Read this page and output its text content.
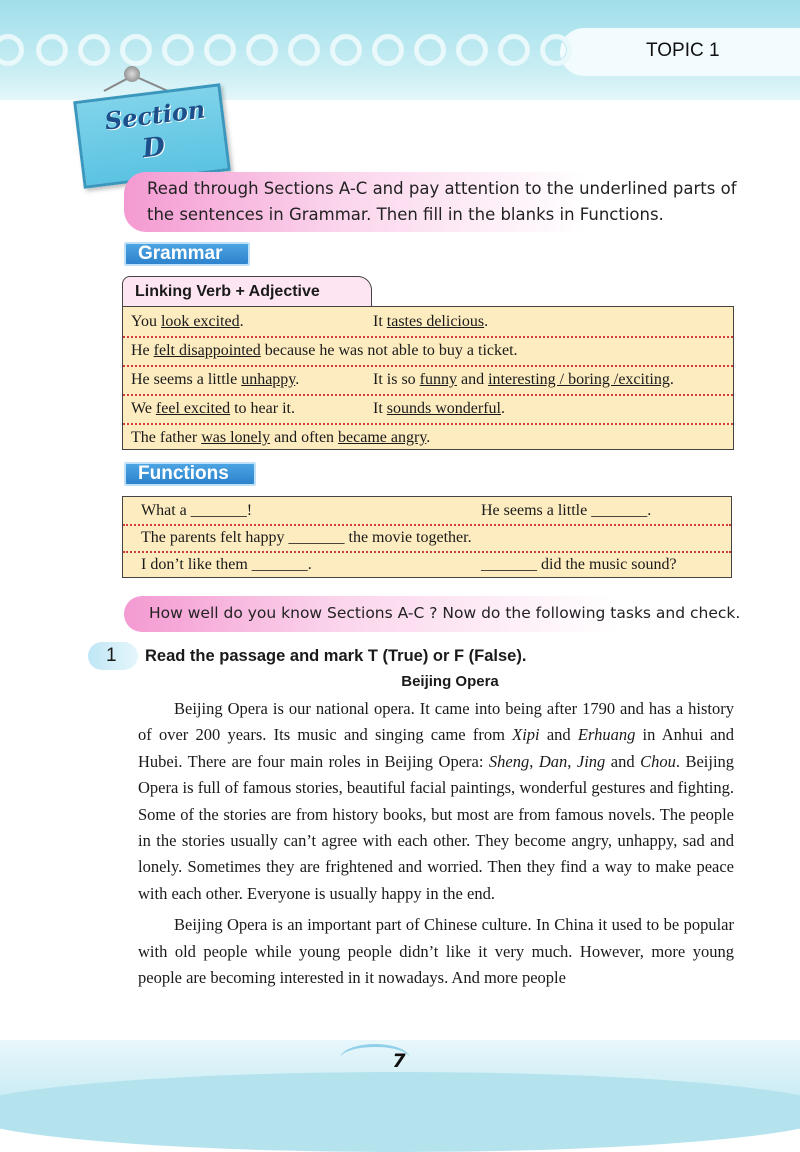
TOPIC 1
Section
D
Read through Sections A-C and pay attention to the underlined parts of the sentences in Grammar. Then fill in the blanks in Functions.
Grammar
Linking Verb + Adjective
You look excited.	It tastes delicious.
He felt disappointed because he was not able to buy a ticket.
He seems a little unhappy.	It is so funny and interesting / boring /exciting.
We feel excited to hear it.	It sounds wonderful.
The father was lonely and often became angry.
Functions
What a _______!	He seems a little _______.
The parents felt happy _______ the movie together.
I don’t like them _______.	_______ did the music sound?
How well do you know Sections A-C ? Now do the following tasks and check.
1	Read the passage and mark T (True) or F (False).
Beijing Opera

Beijing Opera is our national opera. It came into being after 1790 and has a history of over 200 years. Its music and singing came from Xipi and Erhuang in Anhui and Hubei. There are four main roles in Beijing Opera: Sheng, Dan, Jing and Chou. Beijing Opera is full of famous stories, beautiful facial paintings, wonderful gestures and fighting. Some of the stories are from history books, but most are from famous novels. The people in the stories usually can’t agree with each other. They become angry, unhappy, sad and lonely. Sometimes they are frightened and worried. Then they find a way to make peace with each other. Everyone is usually happy in the end.

Beijing Opera is an important part of Chinese culture. In China it used to be popular with old people while young people didn’t like it very much. However, more young people are becoming interested in it nowadays. And more people

7
